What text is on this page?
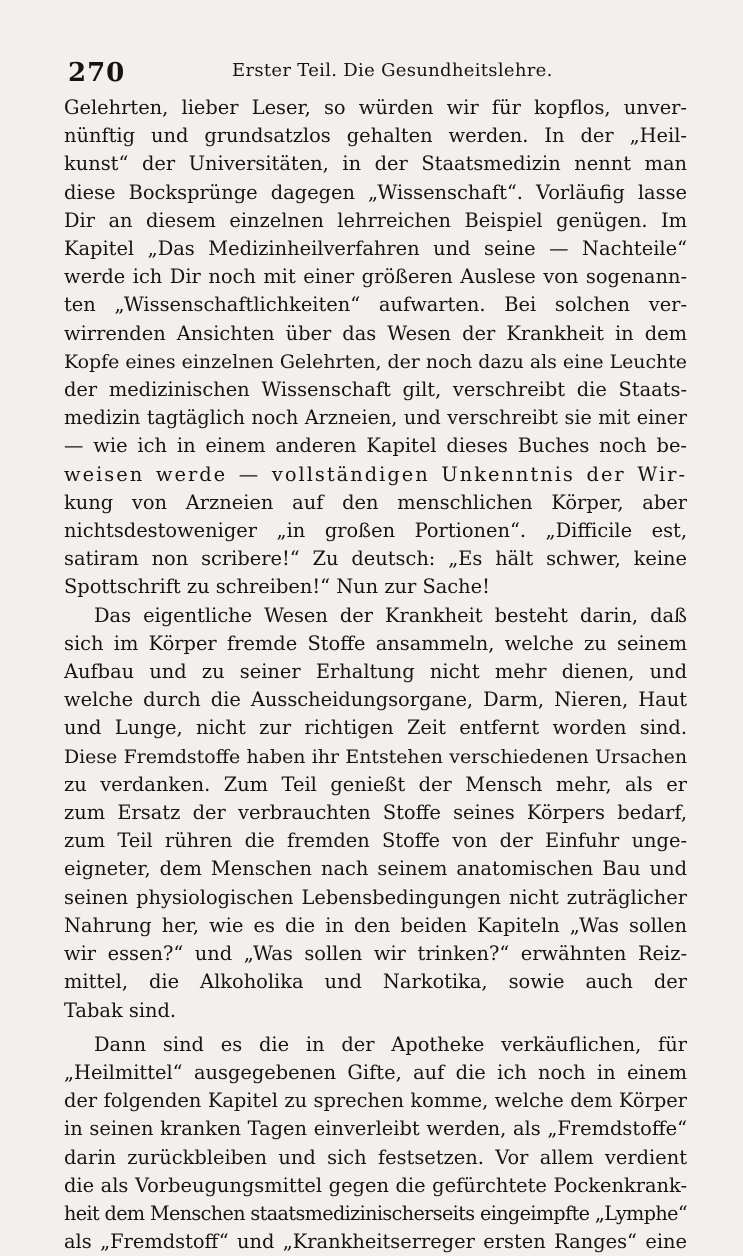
270	Erster Teil. Die Gesundheitslehre.
Gelehrten, lieber Leser, so würden wir für kopflos, unver-
nünftig und grundsatzlos gehalten werden. In der „Heil-
kunst“ der Universitäten, in der Staatsmedizin nennt man
diese Bocksprünge dagegen „Wissenschaft“. Vorläufig lasse
Dir an diesem einzelnen lehrreichen Beispiel genügen. Im
Kapitel „Das Medizinheilverfahren und seine — Nachteile“
werde ich Dir noch mit einer größeren Auslese von sogenann-
ten „Wissenschaftlichkeiten“ aufwarten. Bei solchen ver-
wirrenden Ansichten über das Wesen der Krankheit in dem
Kopfe eines einzelnen Gelehrten, der noch dazu als eine Leuchte
der medizinischen Wissenschaft gilt, verschreibt die Staats-
medizin tagtäglich noch Arzneien, und verschreibt sie mit einer
— wie ich in einem anderen Kapitel dieses Buches noch be-
weisen werde — vollständigen Unkenntnis der Wir-
kung von Arzneien auf den menschlichen Körper, aber
nichtsdestoweniger „in großen Portionen“. „Difficile est,
satiram non scribere!“ Zu deutsch: „Es hält schwer, keine
Spottschrift zu schreiben!“ Nun zur Sache!
Das eigentliche Wesen der Krankheit besteht darin, daß
sich im Körper fremde Stoffe ansammeln, welche zu seinem
Aufbau und zu seiner Erhaltung nicht mehr dienen, und
welche durch die Ausscheidungsorgane, Darm, Nieren, Haut
und Lunge, nicht zur richtigen Zeit entfernt worden sind.
Diese Fremdstoffe haben ihr Entstehen verschiedenen Ursachen
zu verdanken. Zum Teil genießt der Mensch mehr, als er
zum Ersatz der verbrauchten Stoffe seines Körpers bedarf,
zum Teil rühren die fremden Stoffe von der Einfuhr unge-
eigneter, dem Menschen nach seinem anatomischen Bau und
seinen physiologischen Lebensbedingungen nicht zuträglicher
Nahrung her, wie es die in den beiden Kapiteln „Was sollen
wir essen?“ und „Was sollen wir trinken?“ erwähnten Reiz-
mittel, die Alkoholika und Narkotika, sowie auch der
Tabak sind.
Dann sind es die in der Apotheke verkäuflichen, für
„Heilmittel“ ausgegebenen Gifte, auf die ich noch in einem
der folgenden Kapitel zu sprechen komme, welche dem Körper
in seinen kranken Tagen einverleibt werden, als „Fremdstoffe“
darin zurückbleiben und sich festsetzen. Vor allem verdient
die als Vorbeugungsmittel gegen die gefürchtete Pockenkrank-
heit dem Menschen staatsmedizinischerseits eingeimpfte „Lymphe“
als „Fremdstoff“ und „Krankheitserreger ersten Ranges“ eine
